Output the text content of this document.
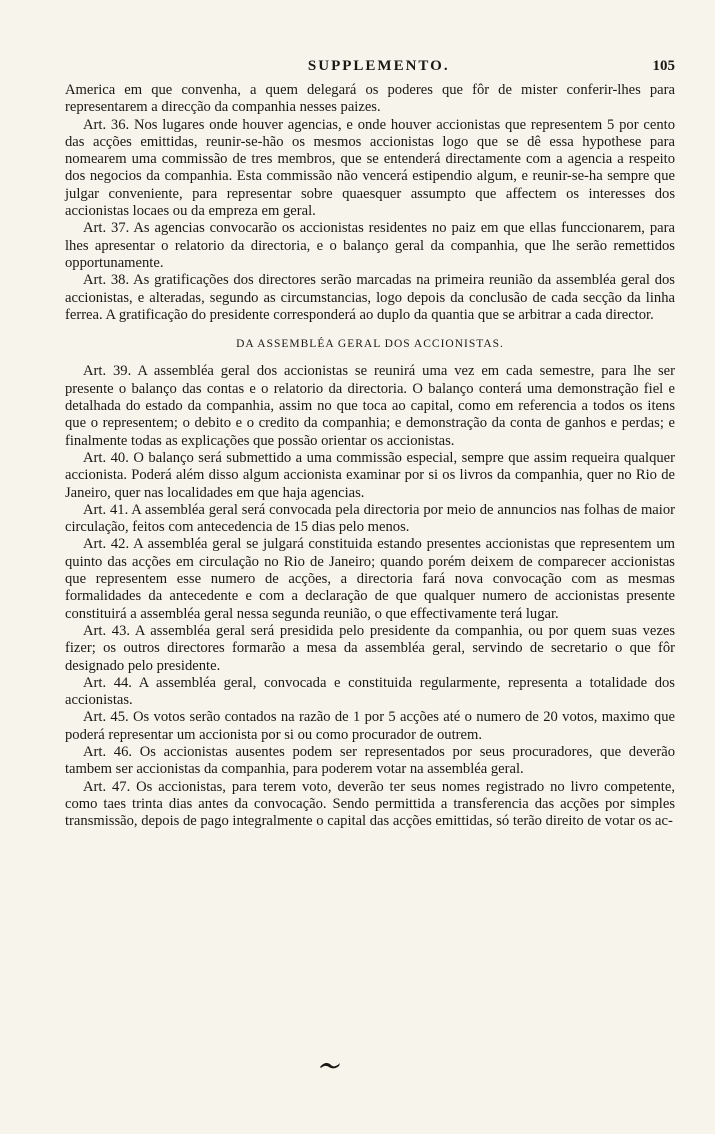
SUPPLEMENTO.	105

America em que convenha, a quem delegará os poderes que fôr de mister conferir-lhes para representarem a direcção da companhia nesses paizes.

Art. 36. Nos lugares onde houver agencias, e onde houver accionistas que representem 5 por cento das acções emittidas, reunir-se-hão os mesmos accionistas logo que se dê essa hypothese para nomearem uma commissão de tres membros, que se entenderá directamente com a agencia a respeito dos negocios da companhia. Esta commissão não vencerá estipendio algum, e reunir-se-ha sempre que julgar conveniente, para representar sobre quaesquer assumpto que affectem os interesses dos accionistas locaes ou da empreza em geral.

Art. 37. As agencias convocarão os accionistas residentes no paiz em que ellas funccionarem, para lhes apresentar o relatorio da directoria, e o balanço geral da companhia, que lhe serão remettidos opportunamente.

Art. 38. As gratificações dos directores serão marcadas na primeira reunião da assembléa geral dos accionistas, e alteradas, segundo as circumstancias, logo depois da conclusão de cada secção da linha ferrea. A gratificação do presidente corresponderá ao duplo da quantia que se arbitrar a cada director.

DA ASSEMBLÉA GERAL DOS ACCIONISTAS.

Art. 39. A assembléa geral dos accionistas se reunirá uma vez em cada semestre, para lhe ser presente o balanço das contas e o relatorio da directoria. O balanço conterá uma demonstração fiel e detalhada do estado da companhia, assim no que toca ao capital, como em referencia a todos os itens que o representem; o debito e o credito da companhia; e demonstração da conta de ganhos e perdas; e finalmente todas as explicações que possão orientar os accionistas.

Art. 40. O balanço será submettido a uma commissão especial, sempre que assim requeira qualquer accionista. Poderá além disso algum accionista examinar por si os livros da companhia, quer no Rio de Janeiro, quer nas localidades em que haja agencias.

Art. 41. A assembléa geral será convocada pela directoria por meio de annuncios nas folhas de maior circulação, feitos com antecedencia de 15 dias pelo menos.

Art. 42. A assembléa geral se julgará constituida estando presentes accionistas que representem um quinto das acções em circulação no Rio de Janeiro; quando porém deixem de comparecer accionistas que representem esse numero de acções, a directoria fará nova convocação com as mesmas formalidades da antecedente e com a declaração de que qualquer numero de accionistas presente constituirá a assembléa geral nessa segunda reunião, o que effectivamente terá lugar.

Art. 43. A assembléa geral será presidida pelo presidente da companhia, ou por quem suas vezes fizer; os outros directores formarão a mesa da assembléa geral, servindo de secretario o que fôr designado pelo presidente.

Art. 44. A assembléa geral, convocada e constituida regularmente, representa a totalidade dos accionistas.

Art. 45. Os votos serão contados na razão de 1 por 5 acções até o numero de 20 votos, maximo que poderá representar um accionista por si ou como procurador de outrem.

Art. 46. Os accionistas ausentes podem ser representados por seus procuradores, que deverão tambem ser accionistas da companhia, para poderem votar na assembléa geral.

Art. 47. Os accionistas, para terem voto, deverão ter seus nomes registrado no livro competente, como taes trinta dias antes da convocação. Sendo permittida a transferencia das acções por simples transmissão, depois de pago integralmente o capital das acções emittidas, só terão direito de votar os ac-
